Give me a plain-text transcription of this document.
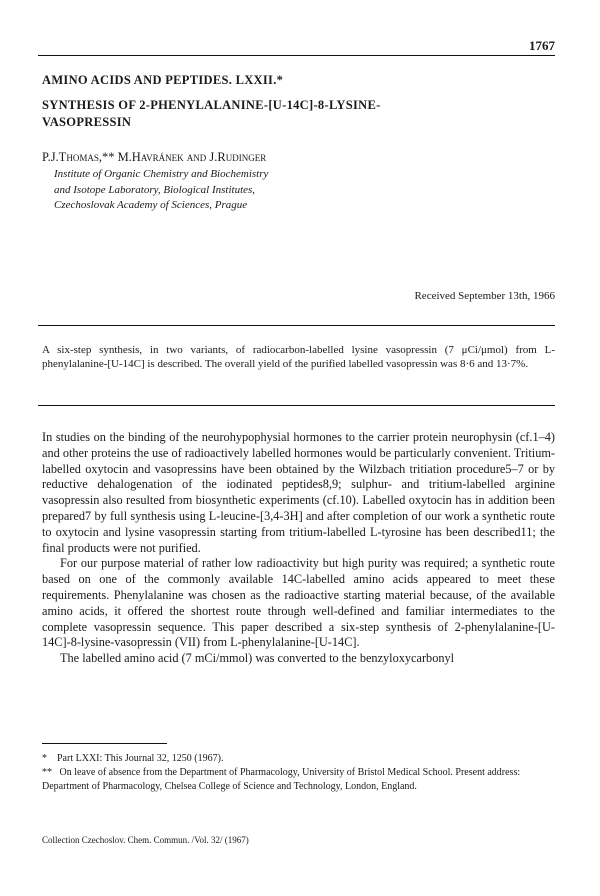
1767
AMINO ACIDS AND PEPTIDES. LXXII.*
SYNTHESIS OF 2-PHENYLALANINE-[U-14C]-8-LYSINE-
VASOPRESSIN
P.J.Thomas,** M.Havránek and J.Rudinger
Institute of Organic Chemistry and Biochemistry
and Isotope Laboratory, Biological Institutes,
Czechoslovak Academy of Sciences, Prague
Received September 13th, 1966
A six-step synthesis, in two variants, of radiocarbon-labelled lysine vasopressin (7 μCi/μmol) from L-phenylalanine-[U-14C] is described. The overall yield of the purified labelled vasopressin was 8·6 and 13·7%.

In studies on the binding of the neurohypophysial hormones to the carrier protein neurophysin (cf.1–4) and other proteins the use of radioactively labelled hormones would be particularly convenient. Tritium-labelled oxytocin and vasopressins have been obtained by the Wilzbach tritiation procedure5–7 or by reductive dehalogenation of the iodinated peptides8,9; sulphur- and tritium-labelled arginine vasopressin also resulted from biosynthetic experiments (cf.10). Labelled oxytocin has in addition been prepared7 by full synthesis using L-leucine-[3,4-3H] and after completion of our work a synthetic route to oxytocin and lysine vasopressin starting from tritium-labelled L-tyrosine has been described11; the final products were not purified.

For our purpose material of rather low radioactivity but high purity was required; a synthetic route based on one of the commonly available 14C-labelled amino acids appeared to meet these requirements. Phenylalanine was chosen as the radioactive starting material because, of the available amino acids, it offered the shortest route through well-defined and familiar intermediates to the complete vasopressin sequence. This paper described a six-step synthesis of 2-phenylalanine-[U-14C]-8-lysine-vasopressin (VII) from L-phenylalanine-[U-14C].

The labelled amino acid (7 mCi/mmol) was converted to the benzyloxycarbonyl

*    Part LXXI: This Journal 32, 1250 (1967).
**   On leave of absence from the Department of Pharmacology, University of Bristol Medical School. Present address: Department of Pharmacology, Chelsea College of Science and Technology, London, England.
Collection Czechoslov. Chem. Commun. /Vol. 32/ (1967)
